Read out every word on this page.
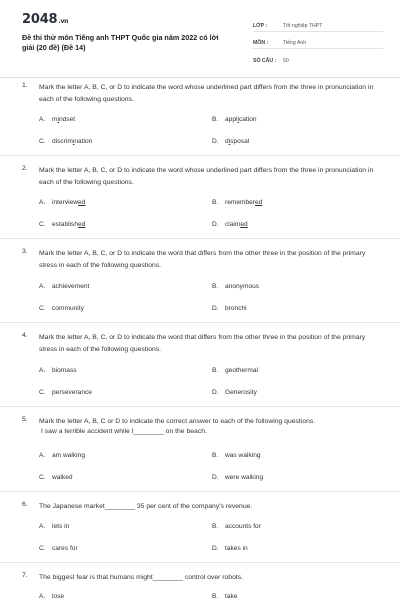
2048.vn
Đề thi thử môn Tiếng anh THPT Quốc gia năm 2022 có lời giải (20 đề) (Đề 14)
LỚP :	Tốt nghiệp THPT
MÔN :	Tiếng Anh
SỐ CÂU :	50
1.	Mark the letter A, B, C, or D to indicate the word whose underlined part differs from the three in pronunciation in each of the following questions.
A. mindset	B. application
C. discrimination	D. disposal
2.	Mark the letter A, B, C, or D to indicate the word whose underlined part differs from the three in pronunciation in each of the following questions.
A. interviewed	B. remembered
C. established	D. claimed
3.	Mark the letter A, B, C, or D to indicate the word that differs from the other three in the position of the primary stress in each of the following questions.
A. achievement	B. anonymous
C. community	D. bronchi
4.	Mark the letter A, B, C, or D to indicate the word that differs from the other three in the position of the primary stress in each of the following questions.
A. biomass	B. geothermal
C. perseverance	D. Generosity
5.	Mark the letter A, B, C or D to indicate the correct answer to each of the following questions.
I saw a terrible accident while I________ on the beach.
A. am walking	B. was walking
C. walked	D. were walking
6.	The Japanese market________ 35 per cent of the company's revenue.
A. lets in	B. accounts for
C. cares for	D. takes in
7.	The biggest fear is that humans might________ control over robots.
A. lose	B. take
